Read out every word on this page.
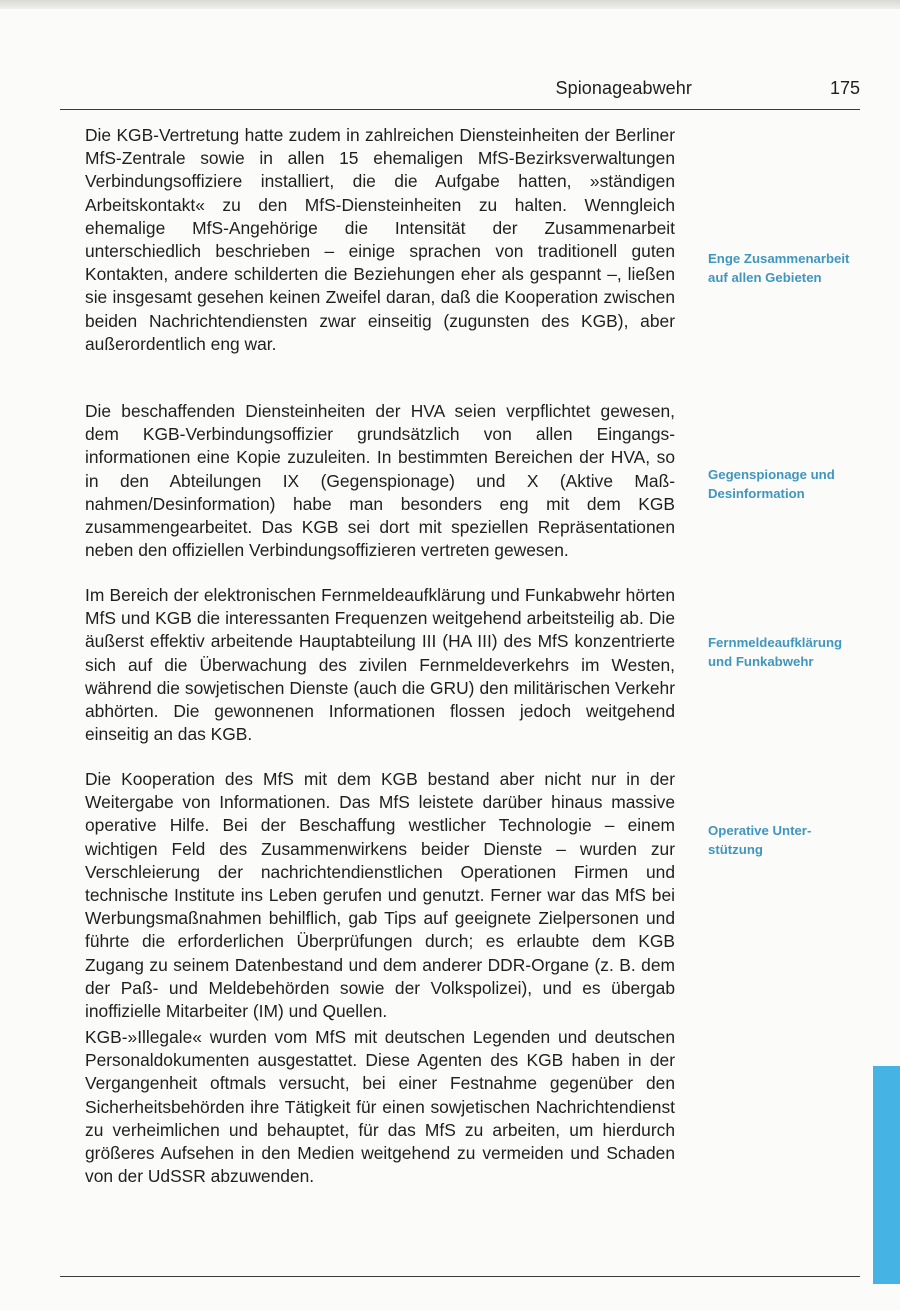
Spionageabwehr	175

Die KGB-Vertretung hatte zudem in zahlreichen Diensteinheiten der Berliner MfS-Zentrale sowie in allen 15 ehemaligen MfS-Bezirksverwaltungen Verbindungsoffiziere installiert, die die Aufgabe hatten, »ständigen Arbeitskontakt« zu den MfS-Diensteinheiten zu halten. Wenngleich ehemalige MfS-Angehörige die Intensität der Zusammenarbeit unterschiedlich beschrieben – einige sprachen von traditionell guten Kontakten, andere schilderten die Beziehungen eher als gespannt –, ließen sie insgesamt gesehen keinen Zweifel daran, daß die Kooperation zwischen beiden Nachrichtendiensten zwar einseitig (zugunsten des KGB), aber außerordentlich eng war.

Die beschaffenden Diensteinheiten der HVA seien verpflichtet gewesen, dem KGB-Verbindungsoffizier grundsätzlich von allen Eingangsinformationen eine Kopie zuzuleiten. In bestimmten Bereichen der HVA, so in den Abteilungen IX (Gegenspionage) und X (Aktive Maßnahmen/Desinformation) habe man besonders eng mit dem KGB zusammengearbeitet. Das KGB sei dort mit speziellen Repräsentationen neben den offiziellen Verbindungsoffizieren vertreten gewesen.

Im Bereich der elektronischen Fernmeldeaufklärung und Funkabwehr hörten MfS und KGB die interessanten Frequenzen weitgehend arbeitsteilig ab. Die äußerst effektiv arbeitende Hauptabteilung III (HA III) des MfS konzentrierte sich auf die Überwachung des zivilen Fernmeldeverkehrs im Westen, während die sowjetischen Dienste (auch die GRU) den militärischen Verkehr abhörten. Die gewonnenen Informationen flossen jedoch weitgehend einseitig an das KGB.

Die Kooperation des MfS mit dem KGB bestand aber nicht nur in der Weitergabe von Informationen. Das MfS leistete darüber hinaus massive operative Hilfe. Bei der Beschaffung westlicher Technologie – einem wichtigen Feld des Zusammenwirkens beider Dienste – wurden zur Verschleierung der nachrichtendienstlichen Operationen Firmen und technische Institute ins Leben gerufen und genutzt. Ferner war das MfS bei Werbungsmaßnahmen behilflich, gab Tips auf geeignete Zielpersonen und führte die erforderlichen Überprüfungen durch; es erlaubte dem KGB Zugang zu seinem Datenbestand und dem anderer DDR-Organe (z. B. dem der Paß- und Meldebehörden sowie der Volkspolizei), und es übergab inoffizielle Mitarbeiter (IM) und Quellen.

KGB-»Illegale« wurden vom MfS mit deutschen Legenden und deutschen Personaldokumenten ausgestattet. Diese Agenten des KGB haben in der Vergangenheit oftmals versucht, bei einer Festnahme gegenüber den Sicherheitsbehörden ihre Tätigkeit für einen sowjetischen Nachrichtendienst zu verheimlichen und behauptet, für das MfS zu arbeiten, um hierdurch größeres Aufsehen in den Medien weitgehend zu vermeiden und Schaden von der UdSSR abzuwenden.

Enge Zusammenarbeit auf allen Gebieten

Gegenspionage und Desinformation

Fernmeldeaufklärung und Funkabwehr

Operative Unterstützung
